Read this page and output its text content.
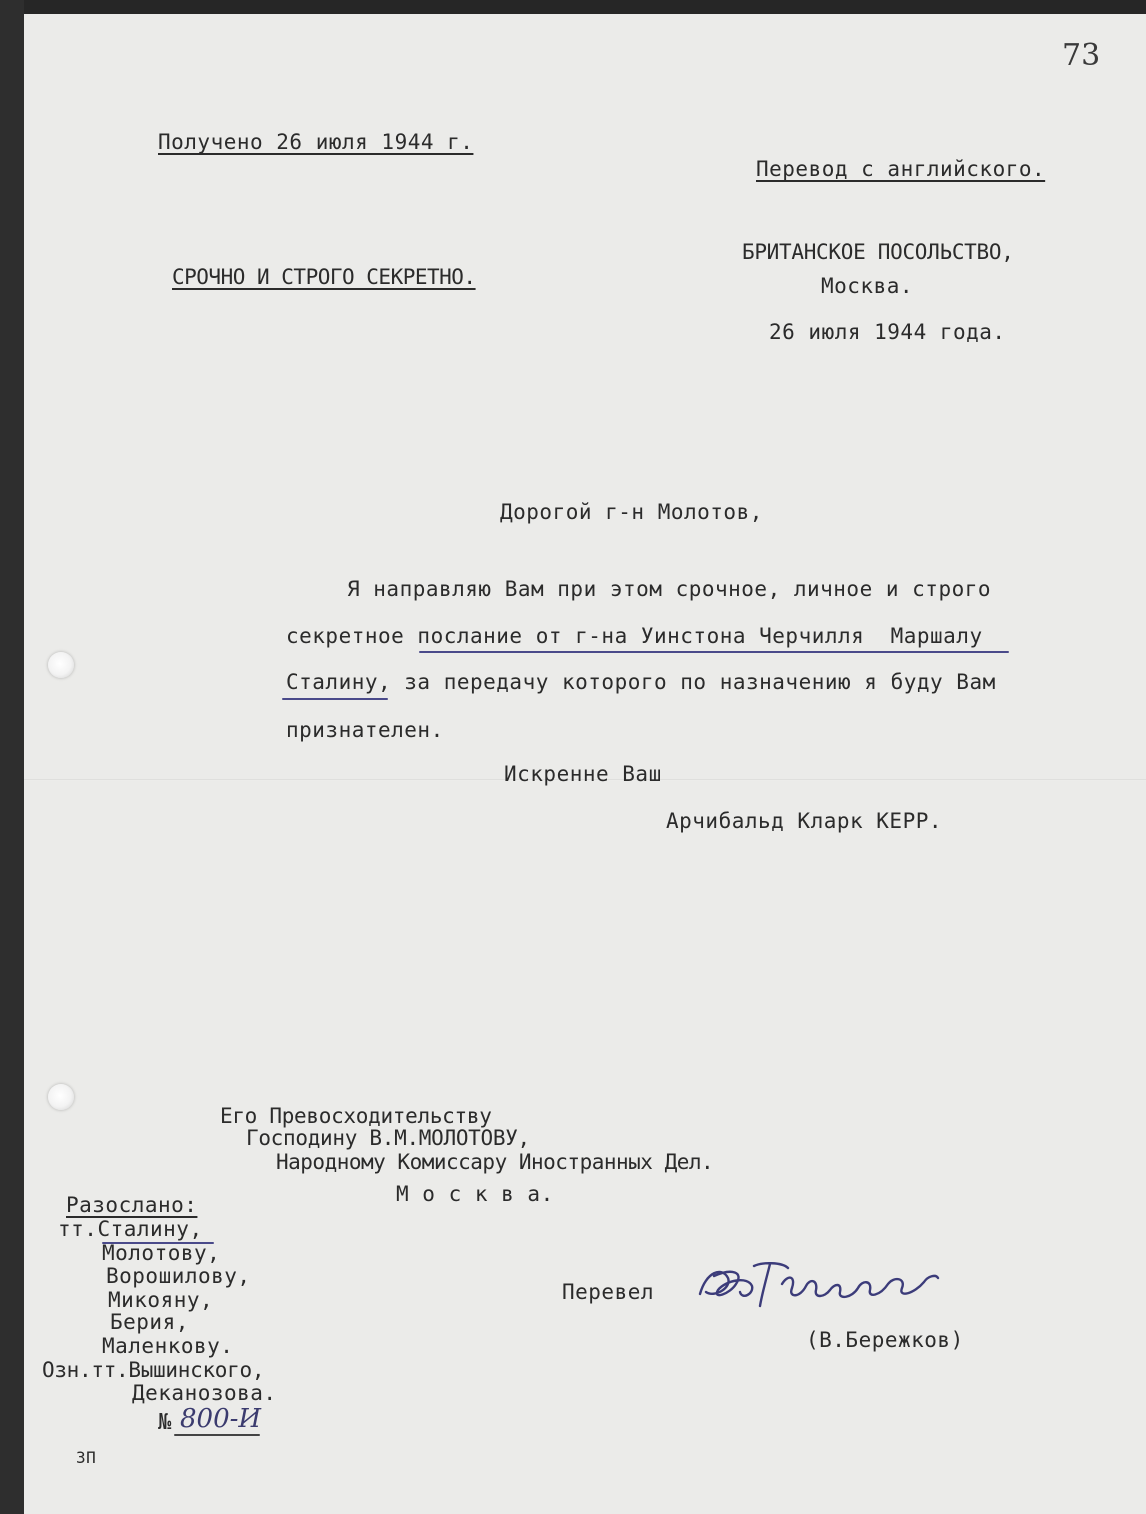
73
Получено 26 июля 1944 г.
Перевод с английского.
СРОЧНО И СТРОГО СЕКРЕТНО.
БРИТАНСКОЕ ПОСОЛЬСТВО,
Москва.
26 июля 1944 года.
Дорогой г-н Молотов,
Я направляю Вам при этом срочное, личное и строго
секретное послание от г-на Уинстона Черчилля  Маршалу
Сталину, за передачу которого по назначению я буду Вам
признателен.
Искренне Ваш
Арчибальд Кларк КЕРР.
Его Превосходительству
Господину В.М.МОЛОТОВУ,
Народному Комиссару Иностранных Дел.
М о с к в а.
Разослано:
тт.Сталину,
Молотову,
Ворошилову,
Микояну,
Берия,
Маленкову.
Озн.тт.Вышинского,
Деканозова.
№ 800-И
Перевел
(В.Бережков)
ЗП
